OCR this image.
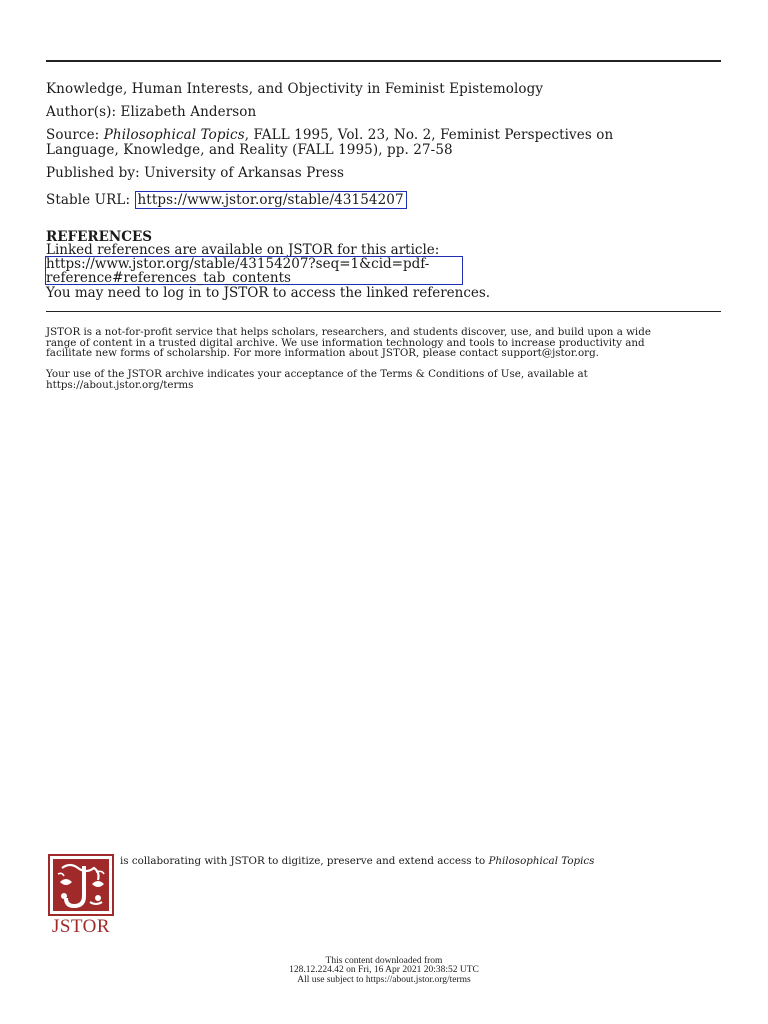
Knowledge, Human Interests, and Objectivity in Feminist Epistemology
Author(s): Elizabeth Anderson
Source: Philosophical Topics, FALL 1995, Vol. 23, No. 2, Feminist Perspectives on
Language, Knowledge, and Reality (FALL 1995), pp. 27-58
Published by: University of Arkansas Press
Stable URL: https://www.jstor.org/stable/43154207
REFERENCES
Linked references are available on JSTOR for this article:
https://www.jstor.org/stable/43154207?seq=1&cid=pdf-
reference#references_tab_contents
You may need to log in to JSTOR to access the linked references.
JSTOR is a not-for-profit service that helps scholars, researchers, and students discover, use, and build upon a wide
range of content in a trusted digital archive. We use information technology and tools to increase productivity and
facilitate new forms of scholarship. For more information about JSTOR, please contact support@jstor.org.
Your use of the JSTOR archive indicates your acceptance of the Terms & Conditions of Use, available at
https://about.jstor.org/terms
JSTOR
is collaborating with JSTOR to digitize, preserve and extend access to Philosophical Topics
This content downloaded from
128.12.224.42 on Fri, 16 Apr 2021 20:38:52 UTC
All use subject to https://about.jstor.org/terms
